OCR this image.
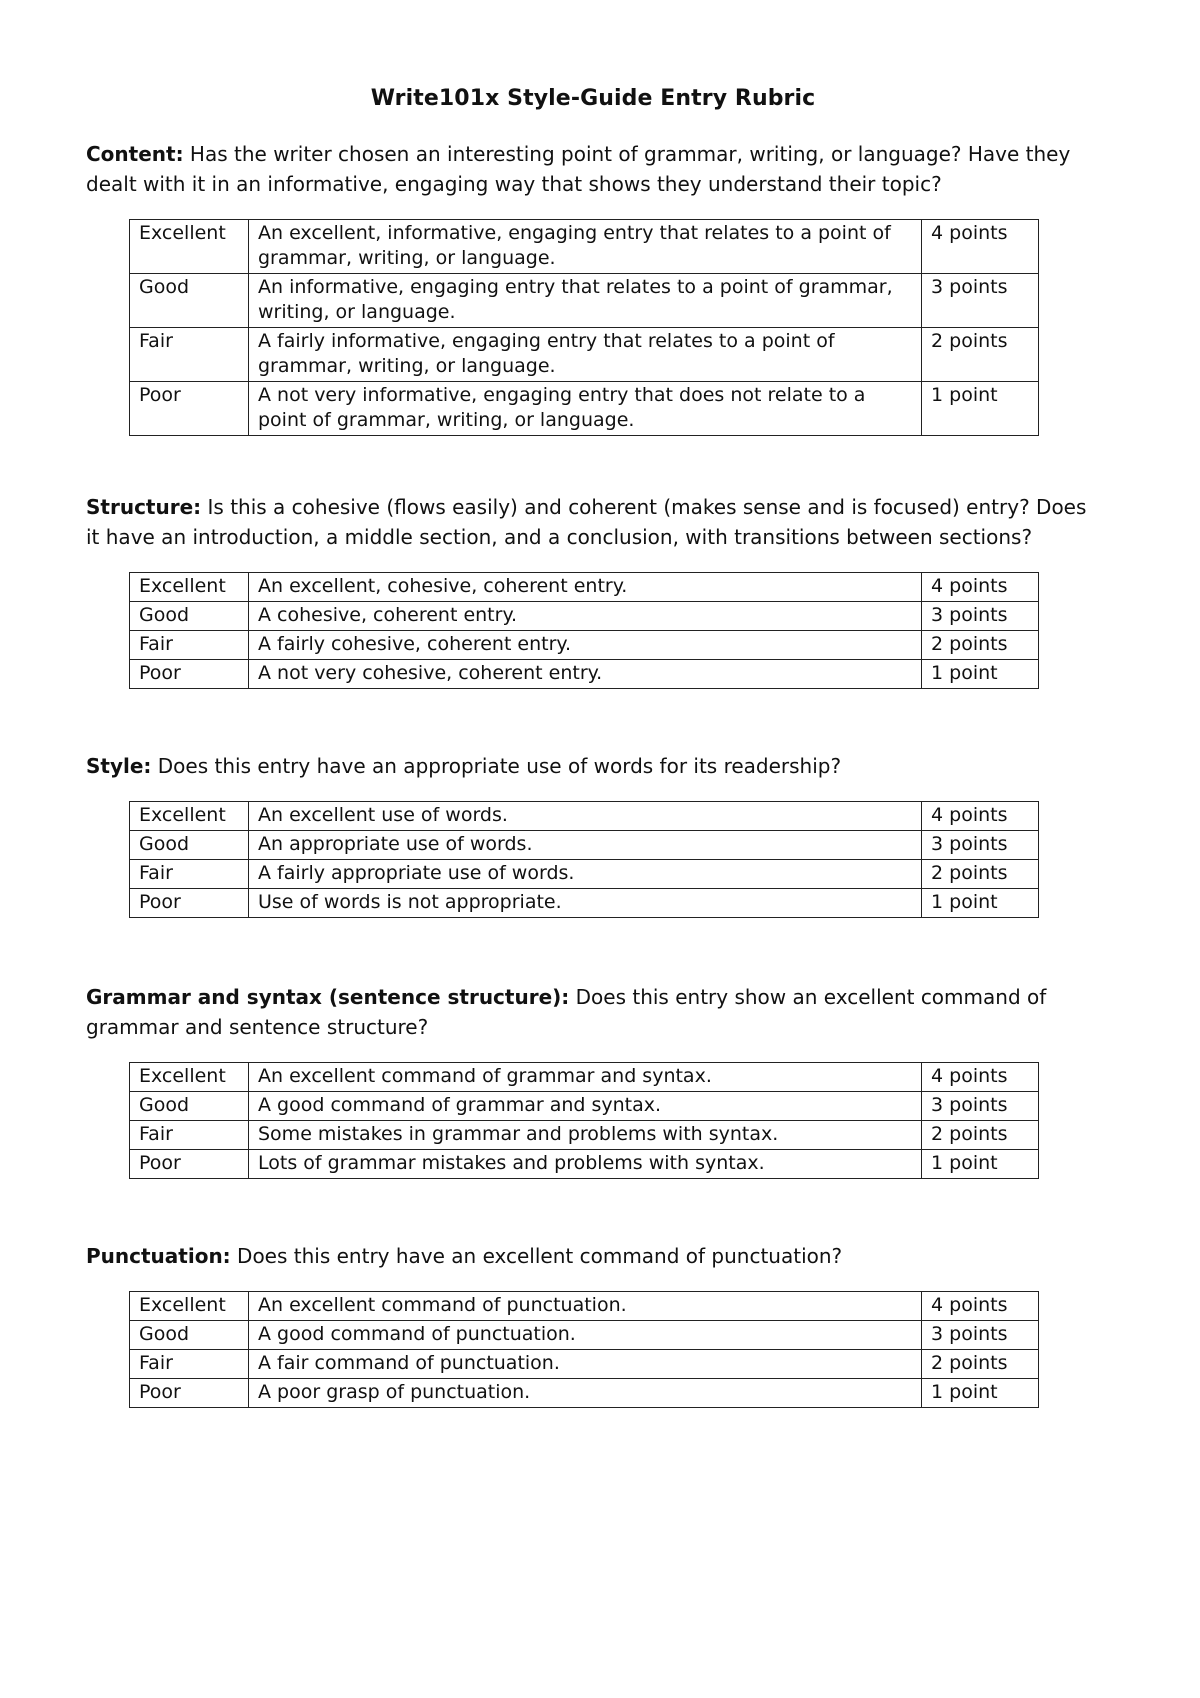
Write101x Style-Guide Entry Rubric

Content: Has the writer chosen an interesting point of grammar, writing, or language? Have they dealt with it in an informative, engaging way that shows they understand their topic?

Excellent	An excellent, informative, engaging entry that relates to a point of grammar, writing, or language.	4 points
Good	An informative, engaging entry that relates to a point of grammar, writing, or language.	3 points
Fair	A fairly informative, engaging entry that relates to a point of grammar, writing, or language.	2 points
Poor	A not very informative, engaging entry that does not relate to a point of grammar, writing, or language.	1 point

Structure: Is this a cohesive (flows easily) and coherent (makes sense and is focused) entry? Does it have an introduction, a middle section, and a conclusion, with transitions between sections?

Excellent	An excellent, cohesive, coherent entry.	4 points
Good	A cohesive, coherent entry.	3 points
Fair	A fairly cohesive, coherent entry.	2 points
Poor	A not very cohesive, coherent entry.	1 point

Style: Does this entry have an appropriate use of words for its readership?

Excellent	An excellent use of words.	4 points
Good	An appropriate use of words.	3 points
Fair	A fairly appropriate use of words.	2 points
Poor	Use of words is not appropriate.	1 point

Grammar and syntax (sentence structure): Does this entry show an excellent command of grammar and sentence structure?

Excellent	An excellent command of grammar and syntax.	4 points
Good	A good command of grammar and syntax.	3 points
Fair	Some mistakes in grammar and problems with syntax.	2 points
Poor	Lots of grammar mistakes and problems with syntax.	1 point

Punctuation: Does this entry have an excellent command of punctuation?

Excellent	An excellent command of punctuation.	4 points
Good	A good command of punctuation.	3 points
Fair	A fair command of punctuation.	2 points
Poor	A poor grasp of punctuation.	1 point
